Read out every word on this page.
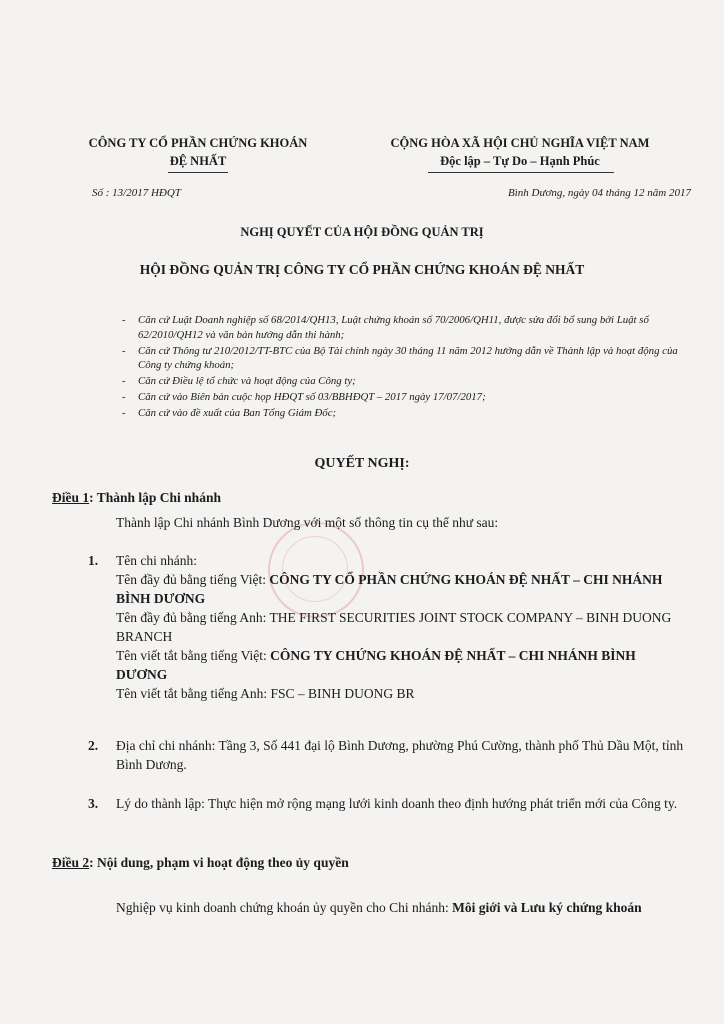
CÔNG TY CỔ PHẦN CHỨNG KHOÁN
ĐỆ NHẤT
CỘNG HÒA XÃ HỘI CHỦ NGHĨA VIỆT NAM
Độc lập – Tự Do – Hạnh Phúc
Số : 13/2017 HĐQT	Bình Dương, ngày 04 tháng 12 năm 2017
NGHỊ QUYẾT CỦA HỘI ĐỒNG QUẢN TRỊ
HỘI ĐỒNG QUẢN TRỊ CÔNG TY CỔ PHẦN CHỨNG KHOÁN ĐỆ NHẤT
- Căn cứ Luật Doanh nghiệp số 68/2014/QH13, Luật chứng khoán số 70/2006/QH11, được sửa đổi bổ sung bởi Luật số 62/2010/QH12 và văn bản hướng dẫn thi hành;
- Căn cứ Thông tư 210/2012/TT-BTC của Bộ Tài chính ngày 30 tháng 11 năm 2012 hướng dẫn về Thành lập và hoạt động của Công ty chứng khoán;
- Căn cứ Điều lệ tổ chức và hoạt động của Công ty;
- Căn cứ vào Biên bản cuộc họp HĐQT số 03/BBHĐQT – 2017 ngày 17/07/2017;
- Căn cứ vào đề xuất của Ban Tổng Giám Đốc;
QUYẾT NGHỊ:
Điều 1: Thành lập Chi nhánh
Thành lập Chi nhánh Bình Dương với một số thông tin cụ thể như sau:
1. Tên chi nhánh:
Tên đầy đủ bằng tiếng Việt: CÔNG TY CỔ PHẦN CHỨNG KHOÁN ĐỆ NHẤT – CHI NHÁNH BÌNH DƯƠNG
Tên đầy đủ bằng tiếng Anh: THE FIRST SECURITIES JOINT STOCK COMPANY – BINH DUONG BRANCH
Tên viết tắt bằng tiếng Việt: CÔNG TY CHỨNG KHOÁN ĐỆ NHẤT – CHI NHÁNH BÌNH DƯƠNG
Tên viết tắt bằng tiếng Anh: FSC – BINH DUONG BR
2. Địa chỉ chi nhánh: Tầng 3, Số 441 đại lộ Bình Dương, phường Phú Cường, thành phố Thủ Dầu Một, tỉnh Bình Dương.
3. Lý do thành lập: Thực hiện mở rộng mạng lưới kinh doanh theo định hướng phát triển mới của Công ty.
Điều 2: Nội dung, phạm vi hoạt động theo ủy quyền
Nghiệp vụ kinh doanh chứng khoán ủy quyền cho Chi nhánh: Môi giới và Lưu ký chứng khoán
